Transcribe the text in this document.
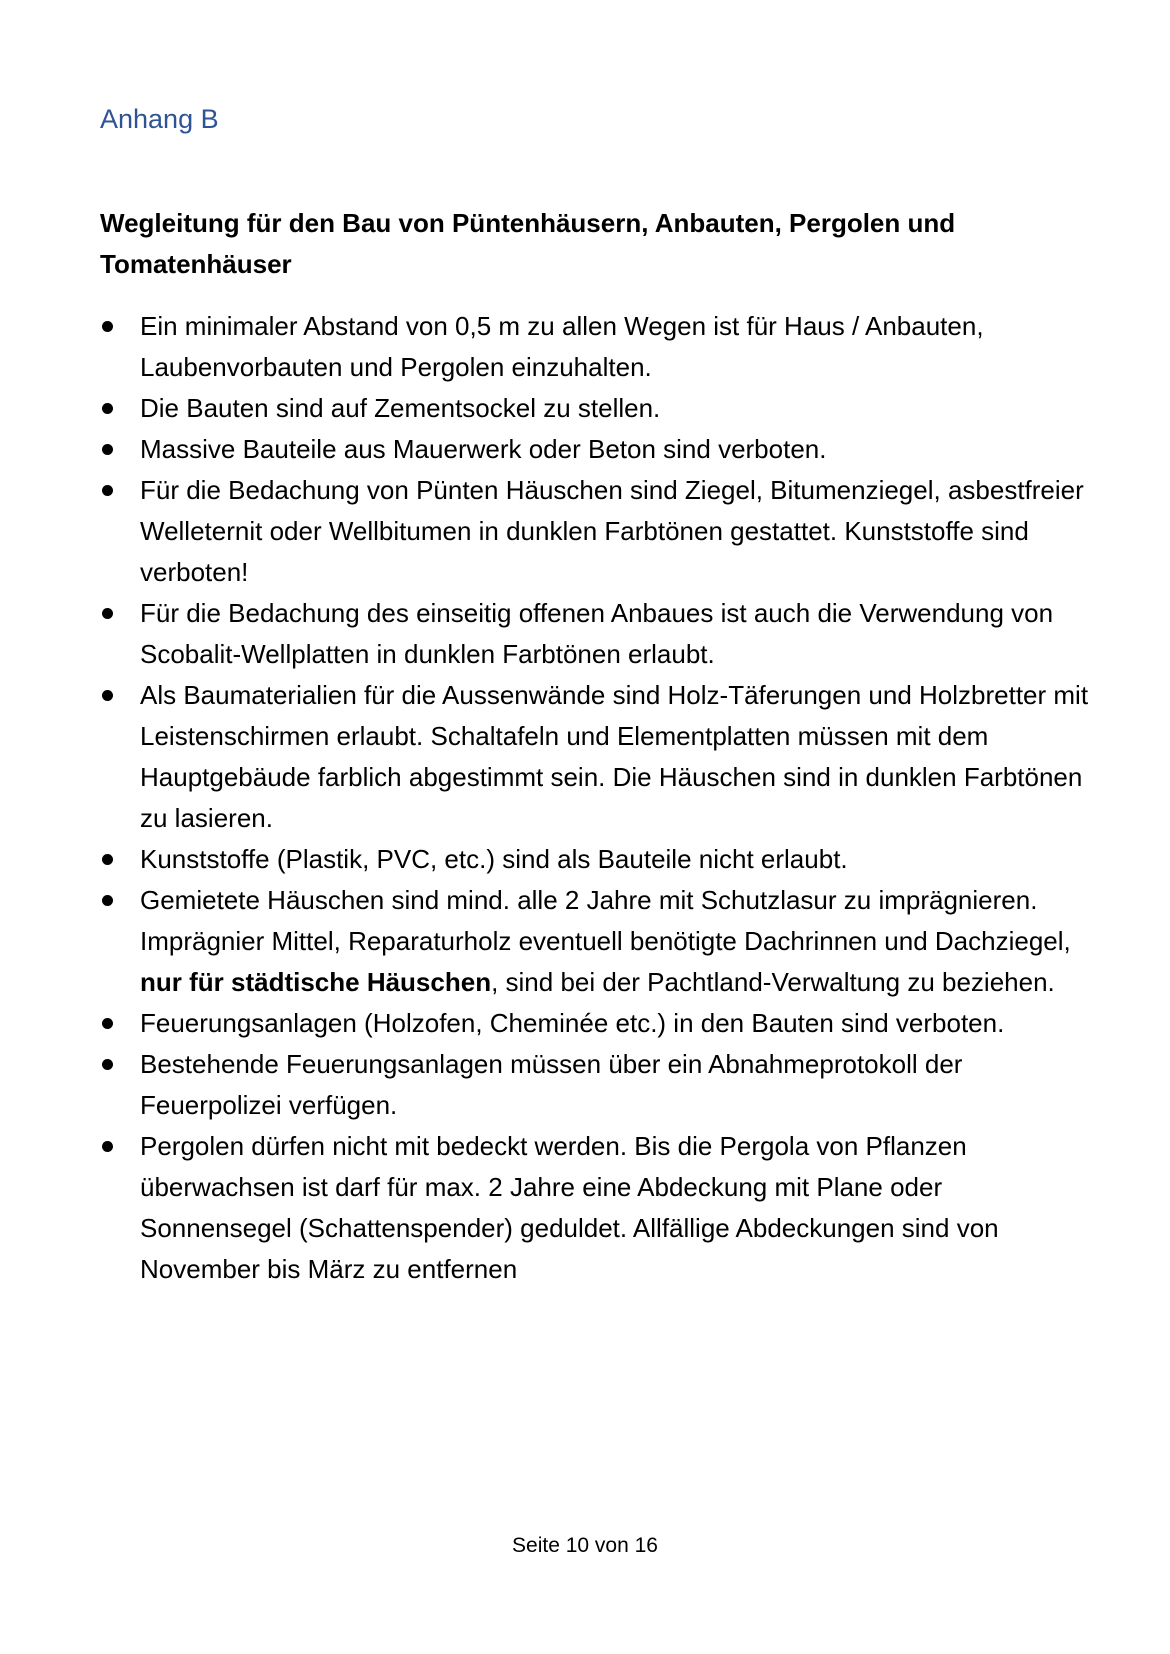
Anhang B
Wegleitung für den Bau von Püntenhäusern, Anbauten, Pergolen und Tomatenhäuser
Ein minimaler Abstand von 0,5 m zu allen Wegen ist für Haus / Anbauten, Laubenvorbauten und Pergolen einzuhalten.
Die Bauten sind auf Zementsockel zu stellen.
Massive Bauteile aus Mauerwerk oder Beton sind verboten.
Für die Bedachung von Pünten Häuschen sind Ziegel, Bitumenziegel, asbestfreier Welleternit oder Wellbitumen in dunklen Farbtönen gestattet. Kunststoffe sind verboten!
Für die Bedachung des einseitig offenen Anbaues ist auch die Verwendung von Scobalit-Wellplatten in dunklen Farbtönen erlaubt.
Als Baumaterialien für die Aussenwände sind Holz-Täferungen und Holzbretter mit Leistenschirmen erlaubt. Schaltafeln und Elementplatten müssen mit dem Hauptgebäude farblich abgestimmt sein. Die Häuschen sind in dunklen Farbtönen zu lasieren.
Kunststoffe (Plastik, PVC, etc.) sind als Bauteile nicht erlaubt.
Gemietete Häuschen sind mind. alle 2 Jahre mit Schutzlasur zu imprägnieren. Imprägnier Mittel, Reparaturholz eventuell benötigte Dachrinnen und Dachziegel, nur für städtische Häuschen, sind bei der Pachtland-Verwaltung zu beziehen.
Feuerungsanlagen (Holzofen, Cheminée etc.) in den Bauten sind verboten.
Bestehende Feuerungsanlagen müssen über ein Abnahmeprotokoll der Feuerpolizei verfügen.
Pergolen dürfen nicht mit bedeckt werden. Bis die Pergola von Pflanzen überwachsen ist darf für max. 2 Jahre eine Abdeckung mit Plane oder Sonnensegel (Schattenspender) geduldet. Allfällige Abdeckungen sind von November bis März zu entfernen
Seite 10 von 16
